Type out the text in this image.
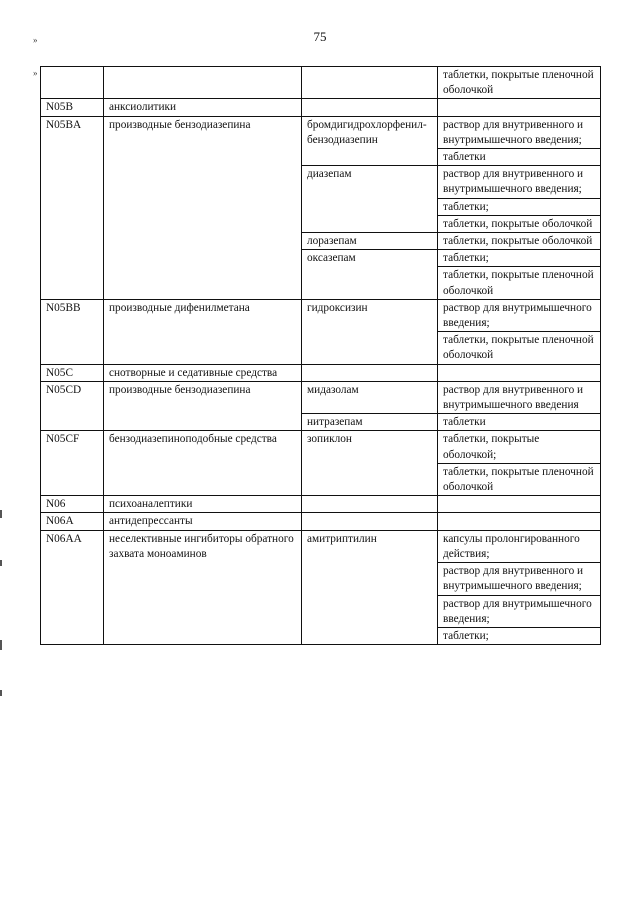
75
»
»
				таблетки, покрытые пленочной оболочкой
N05B	анксиолитики		
N05BA	производные бензодиазепина	бромдигидрохлорфенил-бензодиазепин	раствор для внутривенного и внутримышечного введения;
			таблетки
		диазепам	раствор для внутривенного и внутримышечного введения;
			таблетки;
			таблетки, покрытые оболочкой
		лоразепам	таблетки, покрытые оболочкой
		оксазепам	таблетки;
			таблетки, покрытые пленочной оболочкой
N05BB	производные дифенилметана	гидроксизин	раствор для внутримышечного введения;
			таблетки, покрытые пленочной оболочкой
N05C	снотворные и седативные средства		
N05CD	производные бензодиазепина	мидазолам	раствор для внутривенного и внутримышечного введения
		нитразепам	таблетки
N05CF	бензодиазепиноподобные средства	зопиклон	таблетки, покрытые оболочкой;
			таблетки, покрытые пленочной оболочкой
N06	психоаналептики		
N06A	антидепрессанты		
N06AA	неселективные ингибиторы обратного захвата моноаминов	амитриптилин	капсулы пролонгированного действия;
			раствор для внутривенного и внутримышечного введения;
			раствор для внутримышечного введения;
			таблетки;
